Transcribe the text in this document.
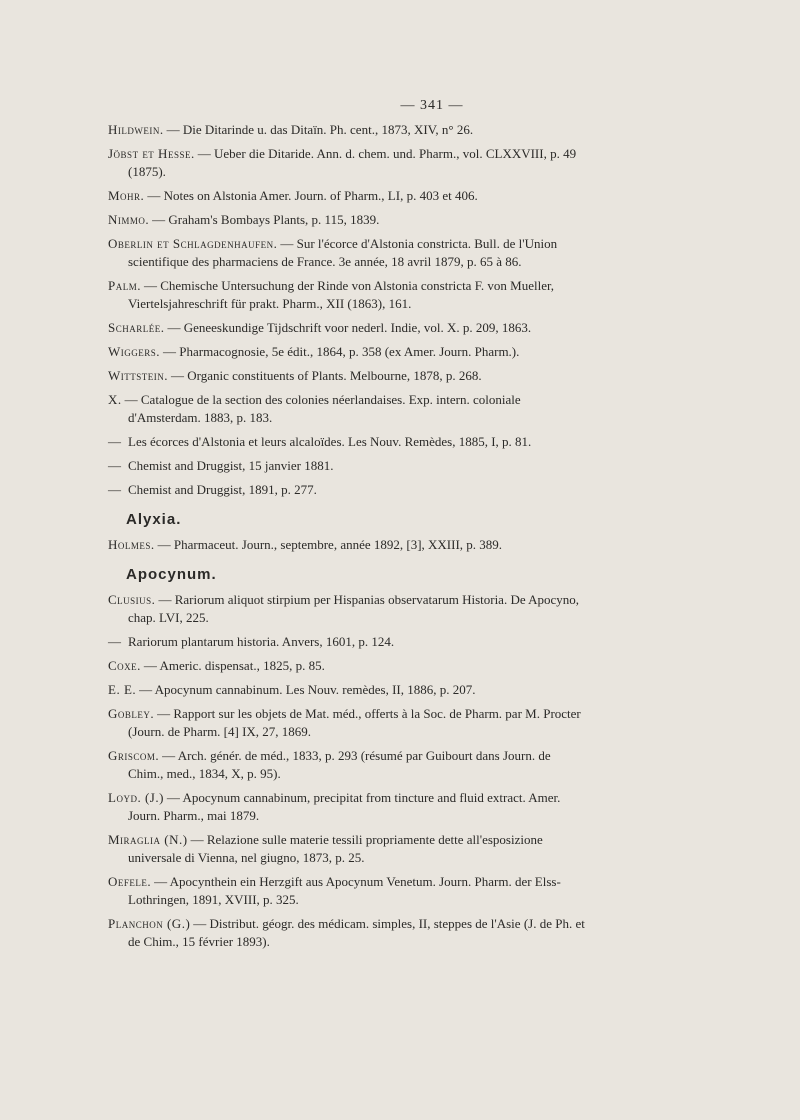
— 341 —
Hildwein. — Die Ditarinde u. das Ditaïn. Ph. cent., 1873, XIV, n° 26.
Jöbst et Hesse. — Ueber die Ditaride. Ann. d. chem. und. Pharm., vol. CLXXVIII, p. 49 (1875).
Mohr. — Notes on Alstonia Amer. Journ. of Pharm., LI, p. 403 et 406.
Nimmo. — Graham's Bombays Plants, p. 115, 1839.
Oberlin et Schlagdenhaufen. — Sur l'écorce d'Alstonia constricta. Bull. de l'Union scientifique des pharmaciens de France. 3e année, 18 avril 1879, p. 65 à 86.
Palm. — Chemische Untersuchung der Rinde von Alstonia constricta F. von Mueller, Viertelsjahreschrift für prakt. Pharm., XII (1863), 161.
Scharlée. — Geneeskundige Tijdschrift voor nederl. Indie, vol. X. p. 209, 1863.
Wiggers. — Pharmacognosie, 5e édit., 1864, p. 358 (ex Amer. Journ. Pharm.).
Wittstein. — Organic constituents of Plants. Melbourne, 1878, p. 268.
X. — Catalogue de la section des colonies néerlandaises. Exp. intern. coloniale d'Amsterdam. 1883, p. 183.
— Les écorces d'Alstonia et leurs alcaloïdes. Les Nouv. Remèdes, 1885, I, p. 81.
— Chemist and Druggist, 15 janvier 1881.
— Chemist and Druggist, 1891, p. 277.
Alyxia.
Holmes. — Pharmaceut. Journ., septembre, année 1892, [3], XXIII, p. 389.
Apocynum.
Clusius. — Rariorum aliquot stirpium per Hispanias observatarum Historia. De Apocyno, chap. LVI, 225.
— Rariorum plantarum historia. Anvers, 1601, p. 124.
Coxe. — Americ. dispensat., 1825, p. 85.
E. E. — Apocynum cannabinum. Les Nouv. remèdes, II, 1886, p. 207.
Gobley. — Rapport sur les objets de Mat. méd., offerts à la Soc. de Pharm. par M. Procter (Journ. de Pharm. [4] IX, 27, 1869.
Griscom. — Arch. génér. de méd., 1833, p. 293 (résumé par Guibourt dans Journ. de Chim., med., 1834, X, p. 95).
Loyd. (J.) — Apocynum cannabinum, precipitat from tincture and fluid extract. Amer. Journ. Pharm., mai 1879.
Miraglia (N.) — Relazione sulle materie tessili propriamente dette all'esposizione universale di Vienna, nel giugno, 1873, p. 25.
Oefele. — Apocynthein ein Herzgift aus Apocynum Venetum. Journ. Pharm. der Elss-Lothringen, 1891, XVIII, p. 325.
Planchon (G.) — Distribut. géogr. des médicam. simples, II, steppes de l'Asie (J. de Ph. et de Chim., 15 février 1893).
